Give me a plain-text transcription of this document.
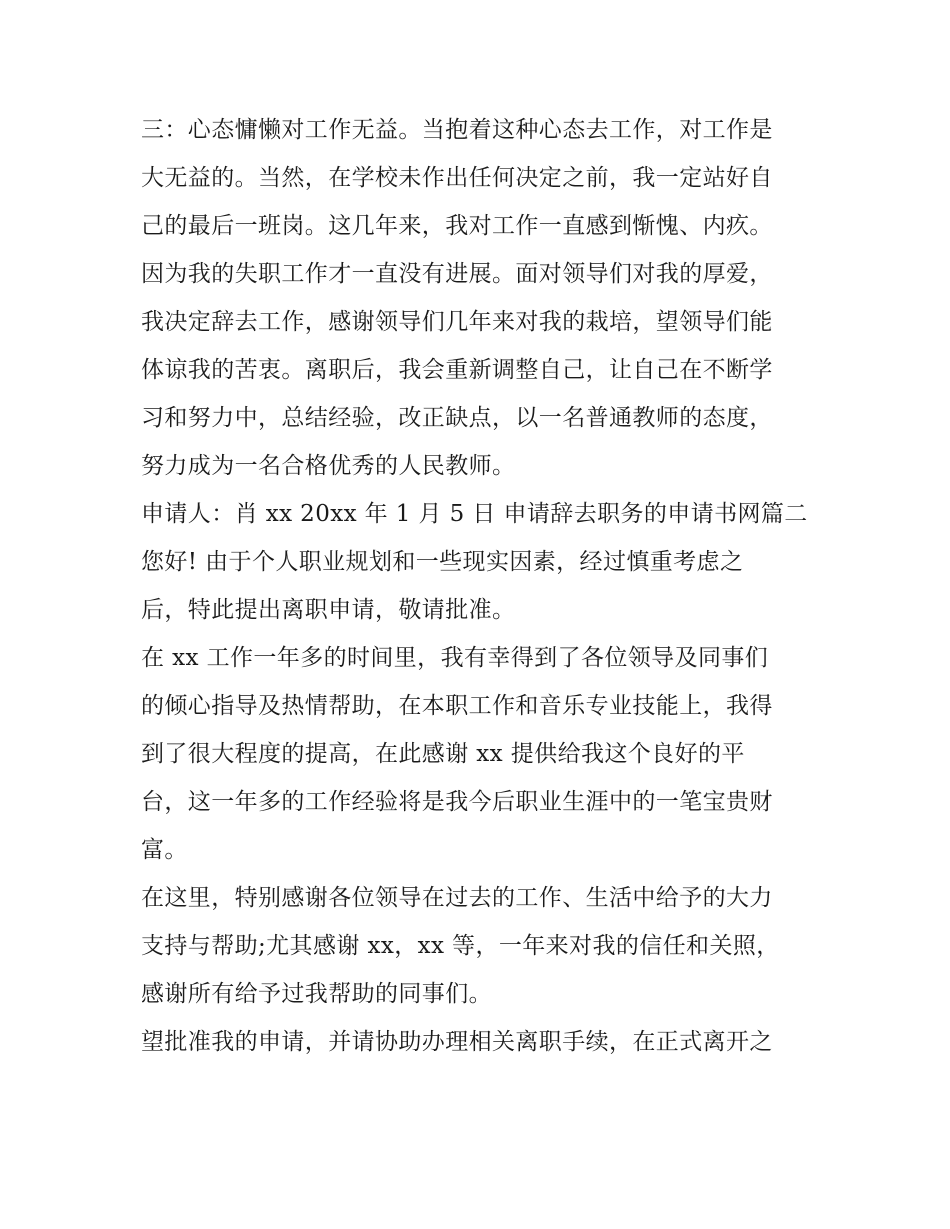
三：心态慵懒对工作无益。当抱着这种心态去工作，对工作是
大无益的。当然，在学校未作出任何决定之前，我一定站好自
己的最后一班岗。这几年来，我对工作一直感到惭愧、内疚。
因为我的失职工作才一直没有进展。面对领导们对我的厚爱，
我决定辞去工作，感谢领导们几年来对我的栽培，望领导们能
体谅我的苦衷。离职后，我会重新调整自己，让自己在不断学
习和努力中，总结经验，改正缺点，以一名普通教师的态度，
努力成为一名合格优秀的人民教师。
申请人：肖 xx 20xx 年 1 月 5 日 申请辞去职务的申请书网篇二
您好! 由于个人职业规划和一些现实因素，经过慎重考虑之
后，特此提出离职申请，敬请批准。
在 xx 工作一年多的时间里，我有幸得到了各位领导及同事们
的倾心指导及热情帮助，在本职工作和音乐专业技能上，我得
到了很大程度的提高，在此感谢 xx 提供给我这个良好的平
台，这一年多的工作经验将是我今后职业生涯中的一笔宝贵财
富。
在这里，特别感谢各位领导在过去的工作、生活中给予的大力
支持与帮助;尤其感谢 xx，xx 等，一年来对我的信任和关照，
感谢所有给予过我帮助的同事们。
望批准我的申请，并请协助办理相关离职手续，在正式离开之
